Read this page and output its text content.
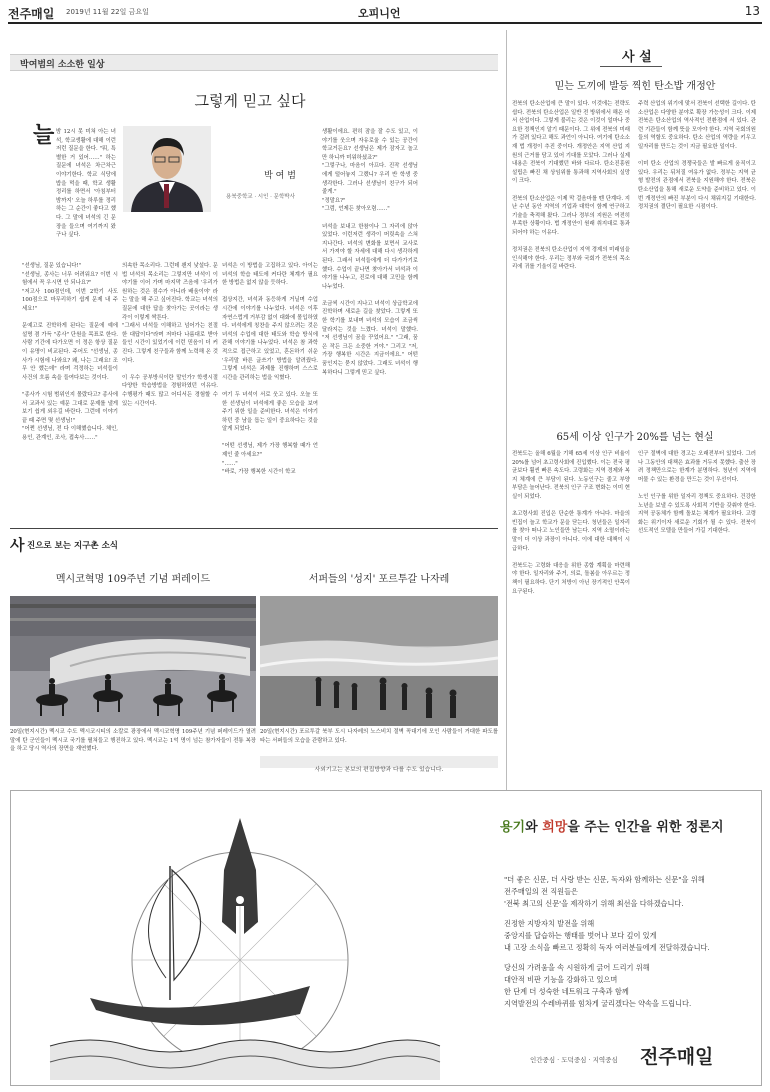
전주매일 2019년 11월 22일 금요일	오피니언	13
박여범의 소소한 일상
그렇게 믿고 싶다
늘 밤 12시 못 미쳐 아는 녀석, 학교생활에 대해 이런저런 질문을 한다. "뭐, 특별한 거 있어……" 하는 질문에 녀석은 차근차근 이야기한다. 학교 식당에 밥을 먹을 때, 학교 생활 정리를 하면서 '아침부터 밤까지' 오늘 하루를 정리하는 그 순간이 좋다고 했다. 그 말에 녀석의 긴 문장을 들으며 여기까지 왔구나 싶다.
박 여 범
용북중학교 · 시인 · 문학박사
"선생님, 질문 있습니다!"
"선생님, 종사는 너무 어려워요? 이번 시험에서 꼭 우시면 안 되나요?"
"저고사 100점인데, 이번 2학기 사도 100점으로 마무리하기 쉽게 문제 내 주세요!"

문예고로 진학하게 된다는 질문에 예에 설명 겸 가득 "종사" 단원을 목표로 한다. 사람 기간에 다가오면 이 정은 항상 질문이 유명이 비교된다. 주어도 "선생님, 종사가 시험에 나와요? 왜, 나는 그래요! 조무 안 했는데" 라며 걱정하는 녀석들이 사건의 흐름 속을 들여다보는 것이다.

"종사가 시험 범위인지 몰랐다고? 종사에서 교과서 있는 예문 그대로 문제를 낼게 보기 쉽게 외우길 바란다. 그런데 이야기 끝 때 주면 몇 선생님!"
"어쩐 선생님, 전 다 이해했습니다. 체인, 용인, 관계인, 조사, 접속사……"
의속한 목소리다. 그런데 왠지 낯설다. 문법 녀석의 목소리는 그렇지만 녀석이 이야기를 이어 가며 마지막 즈음에 '우리가 원하는 것은 점수가 아니라 배움이야' 라는 말을 해 주고 싶어진다. 학교는 녀석의 질문에 대한 답을 찾아가는 곳이라는 생각이 이렇게 싹튼다.
"그래서 녀석들 이해하고 넘어가는 친절한 대답이다"라며 저마다 나름대로 받아들인 시간이 있었기에 이런 믿음이 더 커진다. 그렇게 친구들과 함께 노력해 온 것이다.

이 우수 공부방식이란 말인가? 학생시절 다양한 학습방법을 경험하였던 이유다. 수행평가 때도 많고 어디서든 경험할 수 있는 시간이다.
녀석은 이 방법을 고집하고 있다. 아이는 녀석의 학습 태도에 커다란 체계가 필요한 방법은 없지 않을 듯하다.

접상지간, 녀석과 동등하게 거닐며 수업시간에 이야기를 나누었다. 녀석은 이후 자연스럽게 거부감 없이 대화에 몰입하였다. 녀석에게 칭찬을 주지 않으려는 것은 녀석의 수업에 대한 태도와 학습 방식에 관해 이야기를 나누었다. 녀석은 참 과학적으로 접근하고 있었고, 혼돈하기 쉬운 '우리말 바른 글쓰기' 방법을 알려줬다. 그렇게 녀석은 과제를 진행하며 스스로 시간을 관리하는 법을 익혔다.

여기 두 녀석이 서로 웃고 있다. 오늘 또 한 선생님이 녀석에게 좋은 모습을 보여주기 위한 일을 준비한다. 녀석은 이야기하던 중 남을 돕는 일이 중요하다는 것을 알게 되었다.

"어떤 선생님, 제가 가장 행복할 때가 언제인 줄 아세요?"
"……"
"바로, 가장 행복한 시간이 학교
생활이에요. 편히 잠을 잘 수도 있고, 이야기를 웃으며 자유로울 수 있는 공간이 학교거든요? 선생님은 제가 잠자고 놀고만 하니까 미워하셨죠?"
"그렇구나, 마음이 아프다. 진작 선생님에게 털어놓지 그랬니? 우리 반 학생 중 생각한다. 그러나 선생님이 친구가 되어줄게."
"정말요?"
"그럼, 언제든 찾아오렴……"

녀석을 보내고 한참이나 그 자리에 앉아 있었다. 이런저런 생각이 머릿속을 스쳐 지나간다. 녀석의 변화를 보면서 교사로서 가져야 할 자세에 대해 다시 생각하게 된다. 그래서 녀석들에게 더 다가가기로 했다. 수업이 끝나면 찾아가서 녀석과 이야기를 나누고, 진로에 대해 고민을 함께 나누었다.

조금씩 시간이 지나고 녀석이 상급학교에 진학하며 새로운 길을 찾았다. 그렇게 또 한 학기를 보내며 녀석의 모습이 조금씩 달라지는 것을 느꼈다. 녀석이 말했다. "저 선생님이 꿈을 꾸었어요." "그래, 꿈은 작든 크든 소중한 거야." 그리고 "저, 가장 행복한 시간은 지금이에요." 어떤 꿈인지는 묻지 않았다. 그래도 녀석이 행복하다니 그렇게 믿고 싶다.
사 설
믿는 도끼에 발등 찍힌 탄소밥 개정안
전북의 탄소산업에 큰 말이 있다. 이것에는 전략도 쉽다. 전북의 탄소산업은 일반 전 방위에서 해온 어서 산업이다. 그렇게 불리는 것은 이것이 얼마나 중요한 정책인지 알기 때문이다. 그 위에 전북의 미래가 걸려 있다고 해도 과언이 아니다. 여기에 탄소소재 법 개정이 추진 중이다. 개정안은 지역 산업 지원의 근거를 담고 있어 기대를 모았다. 그러나 실제 내용은 전북이 기대했던 바와 다르다. 탄소진흥원 설립은 빠진 채 상임위를 통과해 지역사회의 실망이 크다.

전북의 탄소산업은 이제 막 걸음마를 뗀 단계다. 지난 수년 동안 지역의 기업과 대학이 함께 연구하고 기술을 축적해 왔다. 그러나 정부의 지원은 여전히 부족한 상황이다. 법 개정안이 원래 취지대로 통과되어야 하는 이유다.

정치권은 전북의 탄소산업이 지역 경제의 미래임을 인식해야 한다. 우리는 정부와 국회가 전북의 목소리에 귀를 기울이길 바란다.
주력 산업의 위기에 맞서 전북이 선택한 길이다. 탄소산업은 다양한 분야로 확장 가능성이 크다. 이제 전북은 탄소산업의 역사적인 전환점에 서 있다. 관련 기관들이 함께 뜻을 모아야 한다. 지역 국회의원들의 역할도 중요하다. 탄소 산업의 역량을 키우고 일자리를 만드는 것이 지금 필요한 일이다.

이미 탄소 산업의 경쟁국들은 발 빠르게 움직이고 있다. 우리는 뒤처질 여유가 없다. 정부는 지역 균형 발전의 관점에서 전북을 지원해야 한다. 전북은 탄소산업을 통해 새로운 도약을 준비하고 있다. 이번 개정안의 빠진 부분이 다시 채워지길 기대한다. 정치권의 결단이 필요한 시점이다.
65세 이상 인구가 20%를 넘는 현실
전북도는 올해 6월을 기해 65세 이상 인구 비율이 20%를 넘어 초고령사회에 진입했다. 이는 전국 평균보다 훨씬 빠른 속도다. 고령화는 지역 경제와 복지 체계에 큰 부담이 된다. 노동인구는 줄고 부양 부담은 늘어난다. 전북의 인구 구조 변화는 이미 현실이 되었다.

초고령사회 진입은 단순한 통계가 아니다. 마을의 빈집이 늘고 학교가 문을 닫는다. 청년들은 일자리를 찾아 떠나고 노인들만 남는다. 지역 소멸이라는 말이 더 이상 과장이 아니다. 이에 대한 대책이 시급하다.

전북도는 고령화 대응을 위한 종합 계획을 마련해야 한다. 일자리와 주거, 의료, 돌봄을 아우르는 정책이 필요하다. 단기 처방이 아닌 장기적인 안목이 요구된다.
인구 절벽에 대한 경고는 오래전부터 있었다. 그러나 그동안의 대책은 효과를 거두지 못했다. 출산 장려 정책만으로는 한계가 분명하다. 청년이 지역에 머물 수 있는 환경을 만드는 것이 우선이다.

노인 인구를 위한 일자리 정책도 중요하다. 건강한 노년을 보낼 수 있도록 사회적 기반을 갖춰야 한다. 지역 공동체가 함께 돌보는 체계가 필요하다. 고령화는 위기이자 새로운 기회가 될 수 있다. 전북이 선도적인 모델을 만들어 가길 기대한다.
사 진으로 보는 지구촌 소식
멕시코혁명 109주년 기념 퍼레이드
20일(현지시간) 멕시코 수도 멕시코시티의 소칼로 광장에서 멕시코혁명 109주년 기념 퍼레이드가 열려 말에 탄 군인들이 멕시코 국기를 펼쳐들고 행진하고 있다. 멕시코는 1억 명이 넘는 참가자들이 전통 복장을 하고 당시 역사의 장면을 재연했다.
서퍼들의 '성지' 포르투갈 나자레
20일(현지시간) 포르투갈 북부 도시 나자레의 노스비치 절벽 꼭대기에 모인 사람들이 거대한 파도를 타는 서퍼들의 모습을 관람하고 있다.
사외기고는 본보의 편집방향과 다를 수도 있습니다.
용기와 희망을 주는 인간을 위한 정론지
"더 좋은 신문, 더 사랑 받는 신문, 독자와 함께하는 신문"을 위해
전주매일의 전 직원들은
'전북 최고의 신문'을 제작하기 위해 최선을 다하겠습니다.
진정한 지방자치 발전을 위해
중앙지를 답습하는 행태를 벗어나 보다 깊이 있게
내 고장 소식을 빠르고 정확히 독자 여러분들에게 전달하겠습니다.
당신의 가려움을 속 시원하게 긁어 드리기 위해
대안적 비판 기능을 강화하고 있으며
한 단계 더 성숙한 네트워크 구축과 함께
지역발전의 수레바퀴를 힘차게 굴리겠다는 약속을 드립니다.
인간중심 · 도덕중심 · 지역중심 전주매일
